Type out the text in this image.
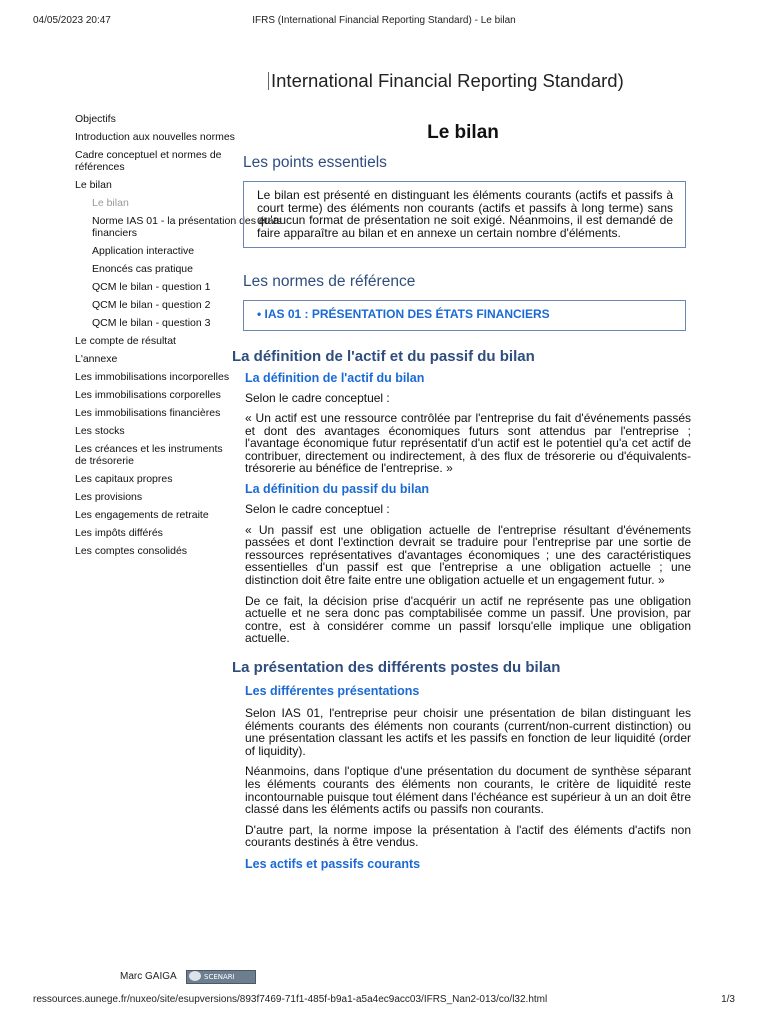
04/05/2023 20:47	IFRS (International Financial Reporting Standard) - Le bilan
International Financial Reporting Standard)
Objectifs
Introduction aux nouvelles normes
Cadre conceptuel et normes de références
Le bilan
Le bilan
Norme IAS 01 - la présentation des états financiers
Application interactive
Enoncés cas pratique
QCM le bilan - question 1
QCM le bilan - question 2
QCM le bilan - question 3
Le compte de résultat
L'annexe
Les immobilisations incorporelles
Les immobilisations corporelles
Les immobilisations financières
Les stocks
Les créances et les instruments de trésorerie
Les capitaux propres
Les provisions
Les engagements de retraite
Les impôts différés
Les comptes consolidés
Le bilan
Les points essentiels
Le bilan est présenté en distinguant les éléments courants (actifs et passifs à court terme) des éléments non courants (actifs et passifs à long terme) sans qu'aucun format de présentation ne soit exigé. Néanmoins, il est demandé de faire apparaître au bilan et en annexe un certain nombre d'éléments.
Les normes de référence
• IAS 01 : PRÉSENTATION DES ÉTATS FINANCIERS
La définition de l'actif et du passif du bilan
La définition de l'actif du bilan

Selon le cadre conceptuel :

« Un actif est une ressource contrôlée par l'entreprise du fait d'événements passés et dont des avantages économiques futurs sont attendus par l'entreprise ; l'avantage économique futur représentatif d'un actif est le potentiel qu'a cet actif de contribuer, directement ou indirectement, à des flux de trésorerie ou d'équivalents-trésorerie au bénéfice de l'entreprise. »

La définition du passif du bilan

Selon le cadre conceptuel :

« Un passif est une obligation actuelle de l'entreprise résultant d'événements passées et dont l'extinction devrait se traduire pour l'entreprise par une sortie de ressources représentatives d'avantages économiques ; une des caractéristiques essentielles d'un passif est que l'entreprise a une obligation actuelle ; une distinction doit être faite entre une obligation actuelle et un engagement futur. »

De ce fait, la décision prise d'acquérir un actif ne représente pas une obligation actuelle et ne sera donc pas comptabilisée comme un passif. Une provision, par contre, est à considérer comme un passif lorsqu'elle implique une obligation actuelle.

La présentation des différents postes du bilan
Les différentes présentations

Selon IAS 01, l'entreprise peur choisir une présentation de bilan distinguant les éléments courants des éléments non courants (current/non-current distinction) ou une présentation classant les actifs et les passifs en fonction de leur liquidité (order of liquidity).

Néanmoins, dans l'optique d'une présentation du document de synthèse séparant les éléments courants des éléments non courants, le critère de liquidité reste incontournable puisque tout élément dans l'échéance est supérieur à un an doit être classé dans les éléments actifs ou passifs non courants.

D'autre part, la norme impose la présentation à l'actif des éléments d'actifs non courants destinés à être vendus.

Les actifs et passifs courants
Marc GAIGA	SCENARI
ressources.aunege.fr/nuxeo/site/esupversions/893f7469-71f1-485f-b9a1-a5a4ec9acc03/IFRS_Nan2-013/co/l32.html	1/3
